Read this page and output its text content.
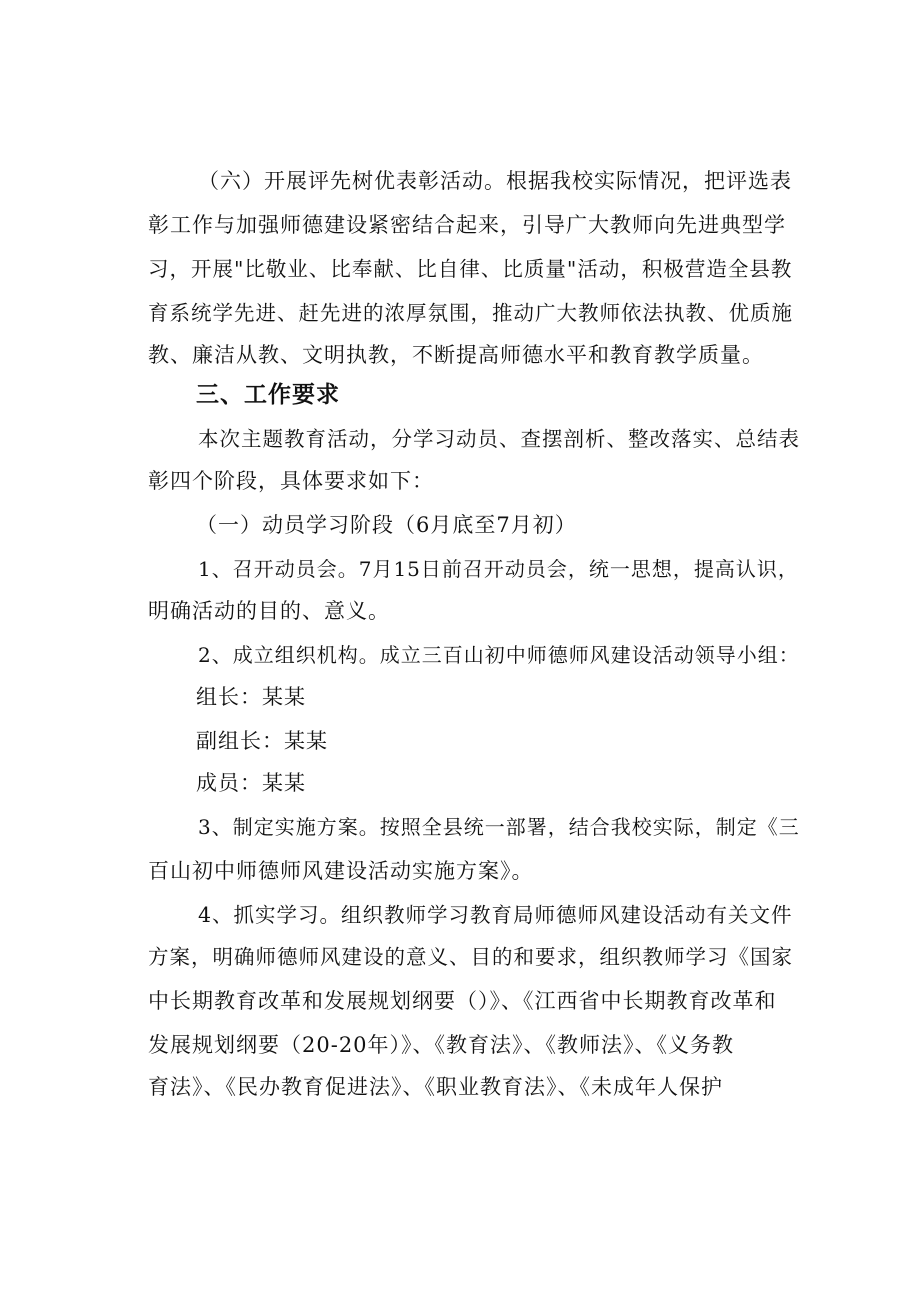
（六）开展评先树优表彰活动。根据我校实际情况，把评选表
彰工作与加强师德建设紧密结合起来，引导广大教师向先进典型学
习，开展"比敬业、比奉献、比自律、比质量"活动，积极营造全县教
育系统学先进、赶先进的浓厚氛围，推动广大教师依法执教、优质施
教、廉洁从教、文明执教，不断提高师德水平和教育教学质量。
三、工作要求
本次主题教育活动，分学习动员、查摆剖析、整改落实、总结表
彰四个阶段，具体要求如下：
（一）动员学习阶段（6月底至7月初）
1、召开动员会。7月15日前召开动员会，统一思想，提高认识，
明确活动的目的、意义。
2、成立组织机构。成立三百山初中师德师风建设活动领导小组：
组长：某某
副组长：某某
成员：某某
3、制定实施方案。按照全县统一部署，结合我校实际，制定《三
百山初中师德师风建设活动实施方案》。
4、抓实学习。组织教师学习教育局师德师风建设活动有关文件
方案，明确师德师风建设的意义、目的和要求，组织教师学习《国家
中长期教育改革和发展规划纲要（）》、《江西省中长期教育改革和
发展规划纲要（20-20年）》、《教育法》、《教师法》、《义务教
育法》、《民办教育促进法》、《职业教育法》、《未成年人保护
